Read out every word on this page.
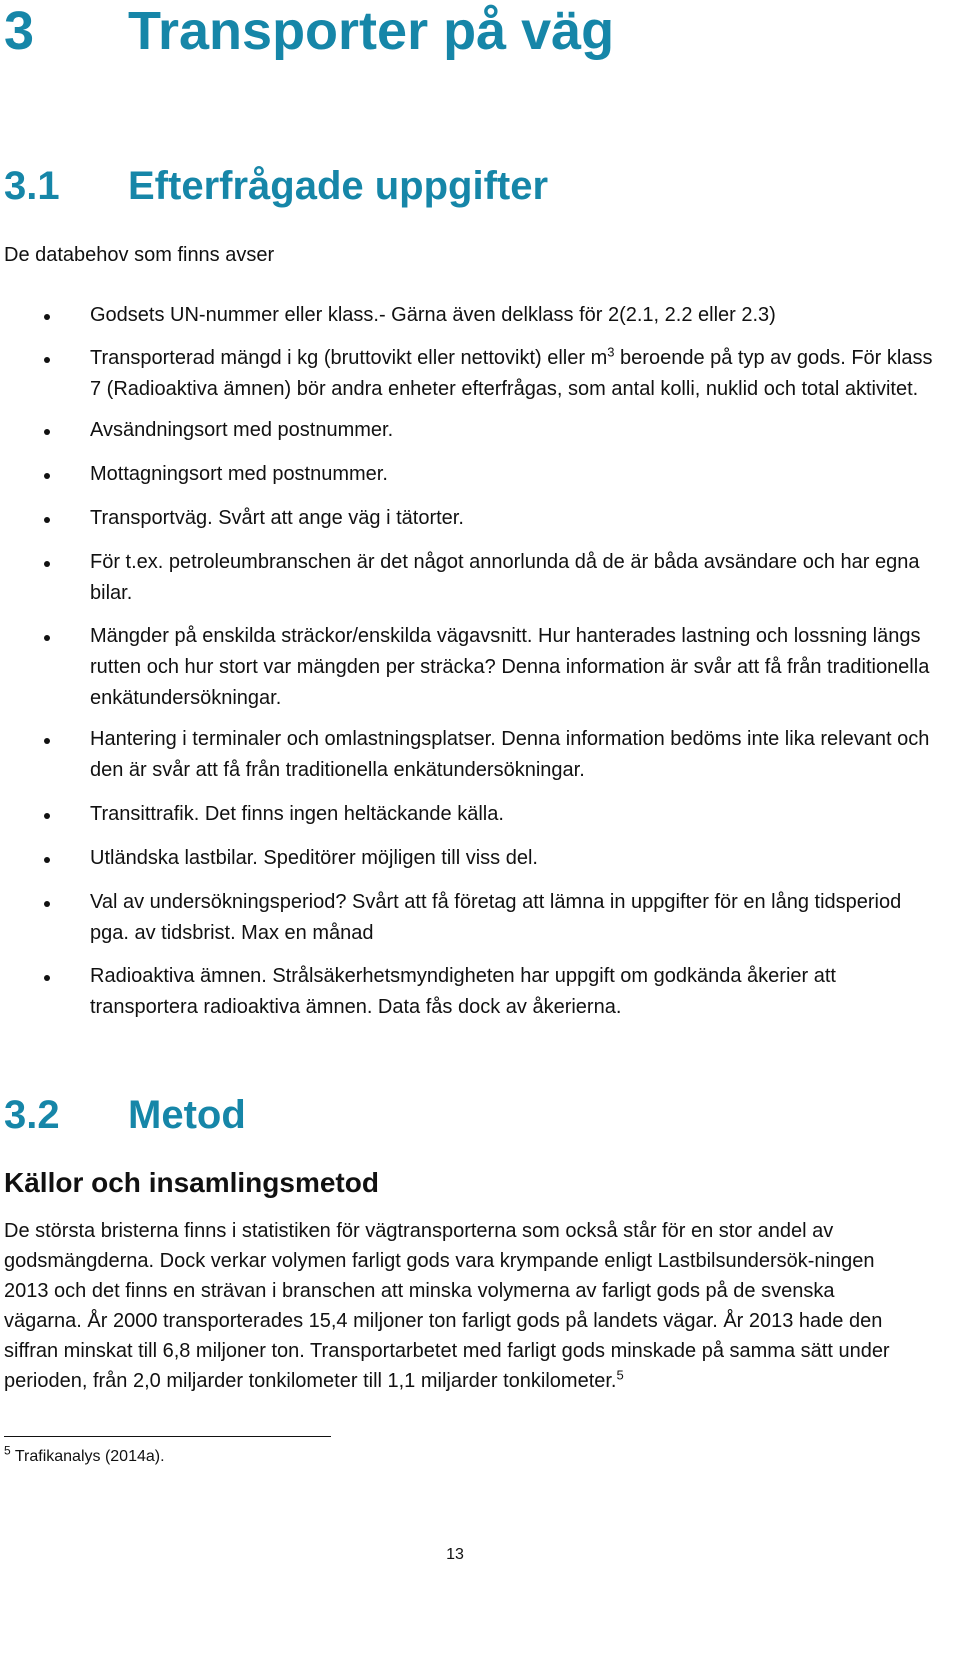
3 Transporter på väg
3.1 Efterfrågade uppgifter
De databehov som finns avser
Godsets UN-nummer eller klass.- Gärna även delklass för 2(2.1, 2.2 eller 2.3)
Transporterad mängd i kg (bruttovikt eller nettovikt) eller $m^3$ beroende på typ av gods. För klass 7 (Radioaktiva ämnen) bör andra enheter efterfrågas, som antal kolli, nuklid och total aktivitet.
Avsändningsort med postnummer.
Mottagningsort med postnummer.
Transportväg. Svårt att ange väg i tätorter.
För t.ex. petroleumbranschen är det något annorlunda då de är båda avsändare och har egna bilar.
Mängder på enskilda sträckor/enskilda vägavsnitt. Hur hanterades lastning och lossning längs rutten och hur stort var mängden per sträcka? Denna information är svår att få från traditionella enkätundersökningar.
Hantering i terminaler och omlastningsplatser. Denna information bedöms inte lika relevant och den är svår att få från traditionella enkätundersökningar.
Transittrafik. Det finns ingen heltäckande källa.
Utländska lastbilar. Speditörer möjligen till viss del.
Val av undersökningsperiod? Svårt att få företag att lämna in uppgifter för en lång tidsperiod pga. av tidsbrist. Max en månad
Radioaktiva ämnen. Strålsäkerhetsmyndigheten har uppgift om godkända åkerier att transportera radioaktiva ämnen. Data fås dock av åkerierna.
3.2 Metod
Källor och insamlingsmetod
De största bristerna finns i statistiken för vägtransporterna som också står för en stor andel av godsmängderna. Dock verkar volymen farligt gods vara krympande enligt Lastbilsundersök-ningen 2013 och det finns en strävan i branschen att minska volymerna av farligt gods på de svenska vägarna. År 2000 transporterades 15,4 miljoner ton farligt gods på landets vägar. År 2013 hade den siffran minskat till 6,8 miljoner ton. Transportarbetet med farligt gods minskade på samma sätt under perioden, från 2,0 miljarder tonkilometer till 1,1 miljarder tonkilometer.$^5$
$^5$ Trafikanalys (2014a).
13
